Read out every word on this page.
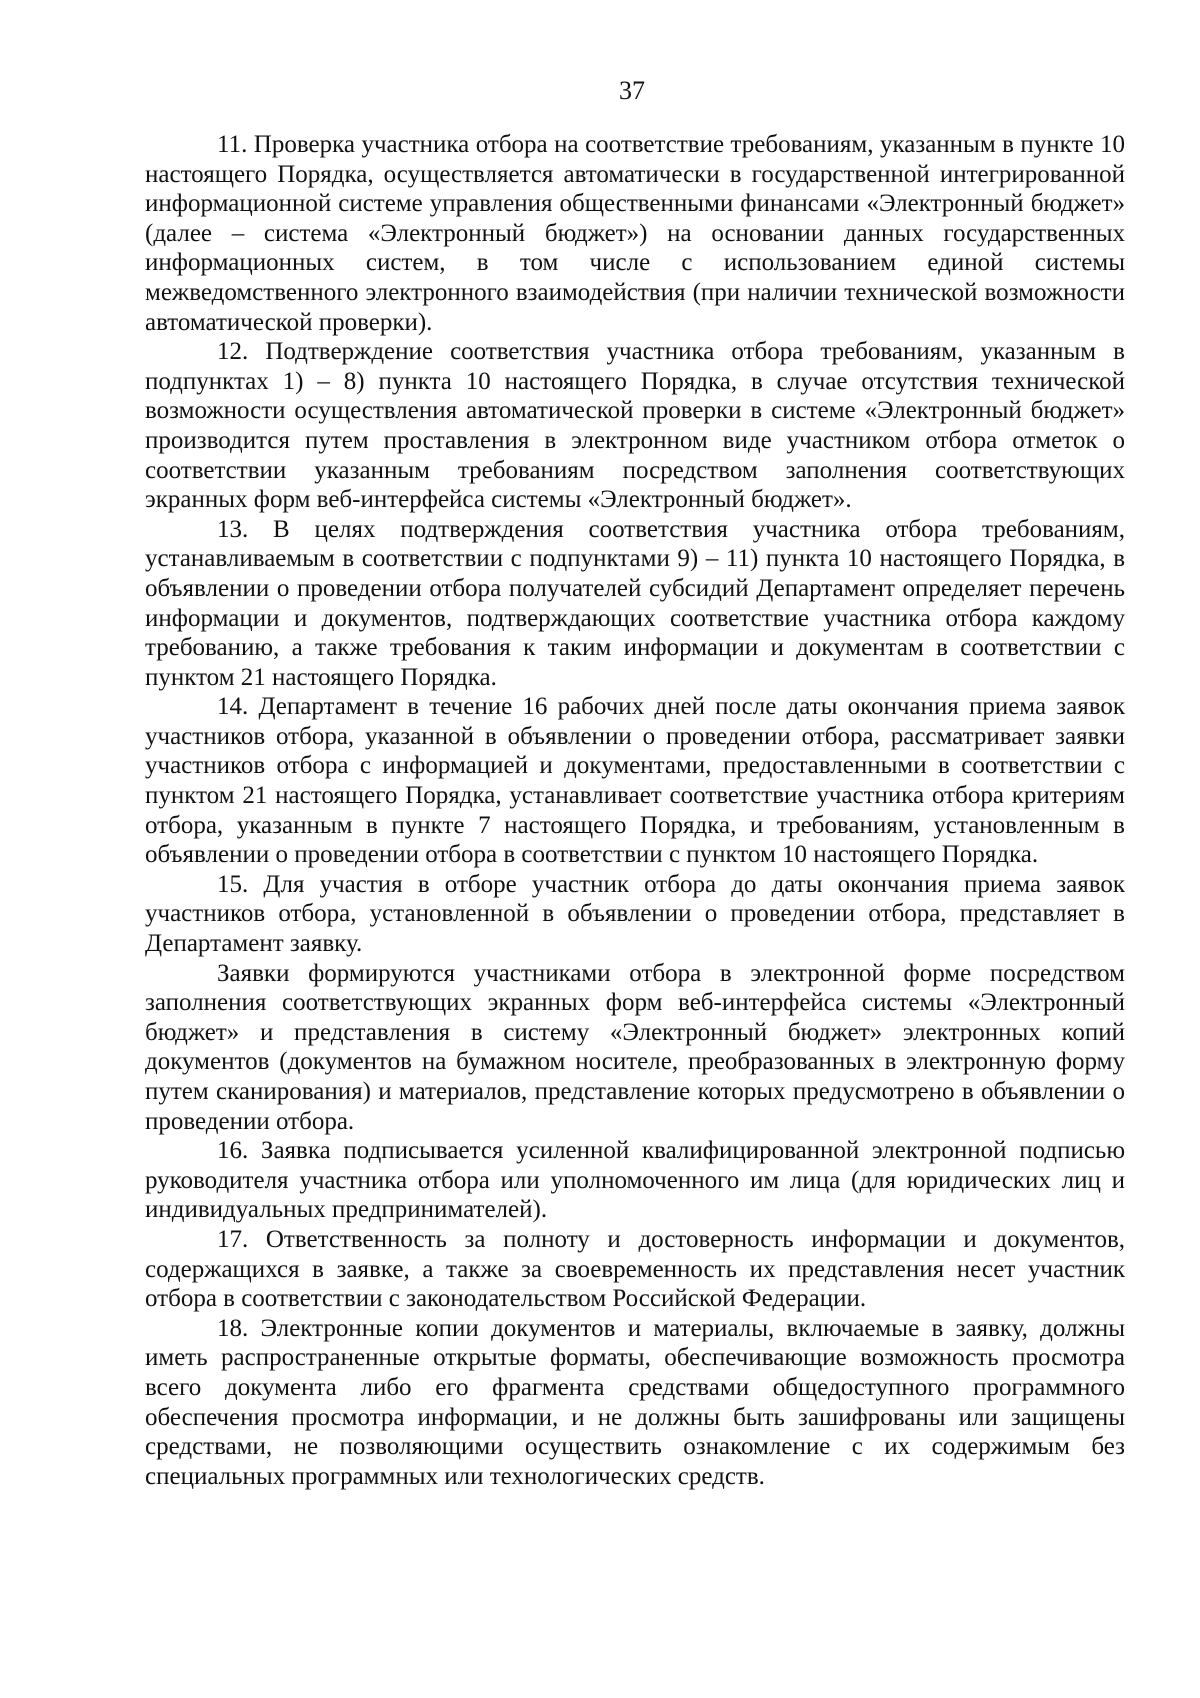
37

11. Проверка участника отбора на соответствие требованиям, указанным в пункте 10 настоящего Порядка, осуществляется автоматически в государственной интегрированной информационной системе управления общественными финансами «Электронный бюджет» (далее – система «Электронный бюджет») на основании данных государственных информационных систем, в том числе с использованием единой системы межведомственного электронного взаимодействия (при наличии технической возможности автоматической проверки).

12. Подтверждение соответствия участника отбора требованиям, указанным в подпунктах 1) – 8) пункта 10 настоящего Порядка, в случае отсутствия технической возможности осуществления автоматической проверки в системе «Электронный бюджет» производится путем проставления в электронном виде участником отбора отметок о соответствии указанным требованиям посредством заполнения соответствующих экранных форм веб-интерфейса системы «Электронный бюджет».

13. В целях подтверждения соответствия участника отбора требованиям, устанавливаемым в соответствии с подпунктами 9) – 11) пункта 10 настоящего Порядка, в объявлении о проведении отбора получателей субсидий Департамент определяет перечень информации и документов, подтверждающих соответствие участника отбора каждому требованию, а также требования к таким информации и документам в соответствии с пунктом 21 настоящего Порядка.

14. Департамент в течение 16 рабочих дней после даты окончания приема заявок участников отбора, указанной в объявлении о проведении отбора, рассматривает заявки участников отбора с информацией и документами, предоставленными в соответствии с пунктом 21 настоящего Порядка, устанавливает соответствие участника отбора критериям отбора, указанным в пункте 7 настоящего Порядка, и требованиям, установленным в объявлении о проведении отбора в соответствии с пунктом 10 настоящего Порядка.

15. Для участия в отборе участник отбора до даты окончания приема заявок участников отбора, установленной в объявлении о проведении отбора, представляет в Департамент заявку.

Заявки формируются участниками отбора в электронной форме посредством заполнения соответствующих экранных форм веб-интерфейса системы «Электронный бюджет» и представления в систему «Электронный бюджет» электронных копий документов (документов на бумажном носителе, преобразованных в электронную форму путем сканирования) и материалов, представление которых предусмотрено в объявлении о проведении отбора.

16. Заявка подписывается усиленной квалифицированной электронной подписью руководителя участника отбора или уполномоченного им лица (для юридических лиц и индивидуальных предпринимателей).

17. Ответственность за полноту и достоверность информации и документов, содержащихся в заявке, а также за своевременность их представления несет участник отбора в соответствии с законодательством Российской Федерации.

18. Электронные копии документов и материалы, включаемые в заявку, должны иметь распространенные открытые форматы, обеспечивающие возможность просмотра всего документа либо его фрагмента средствами общедоступного программного обеспечения просмотра информации, и не должны быть зашифрованы или защищены средствами, не позволяющими осуществить ознакомление с их содержимым без специальных программных или технологических средств.
